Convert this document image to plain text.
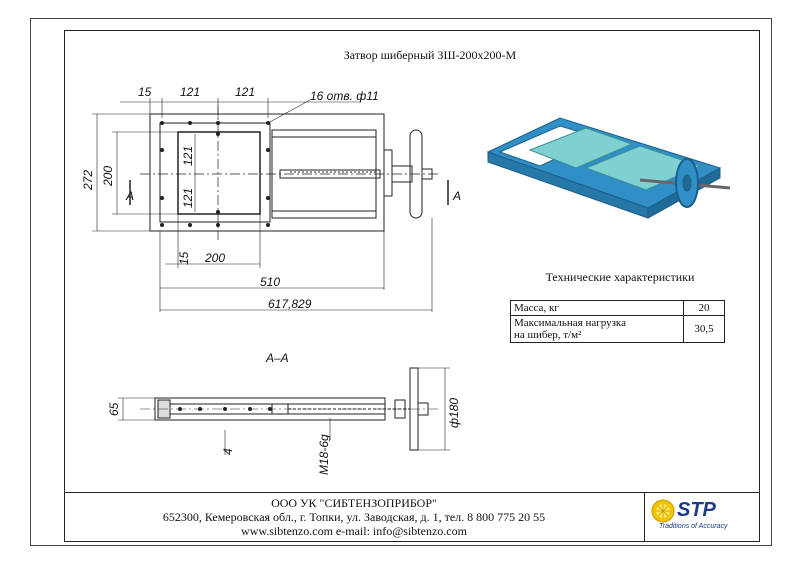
15 121	121	16 отв. ф11
272 200
121
121
15 200
510
617,829
А	А
А–А
65
4	М18-6g
ф180
Затвор шиберный ЗШ-200х200-М
Технические характеристики
Масса, кг	20

Максимальная нагрузка
на шибер, т/м²	30,5
ООО УК "СИБТЕНЗОПРИБОР"
652300, Кемеровская обл., г. Топки, ул. Заводская, д. 1, тел. 8 800 775 20 55
www.sibtenzo.com e-mail: info@sibtenzo.com
STP
Traditions of Accuracy
